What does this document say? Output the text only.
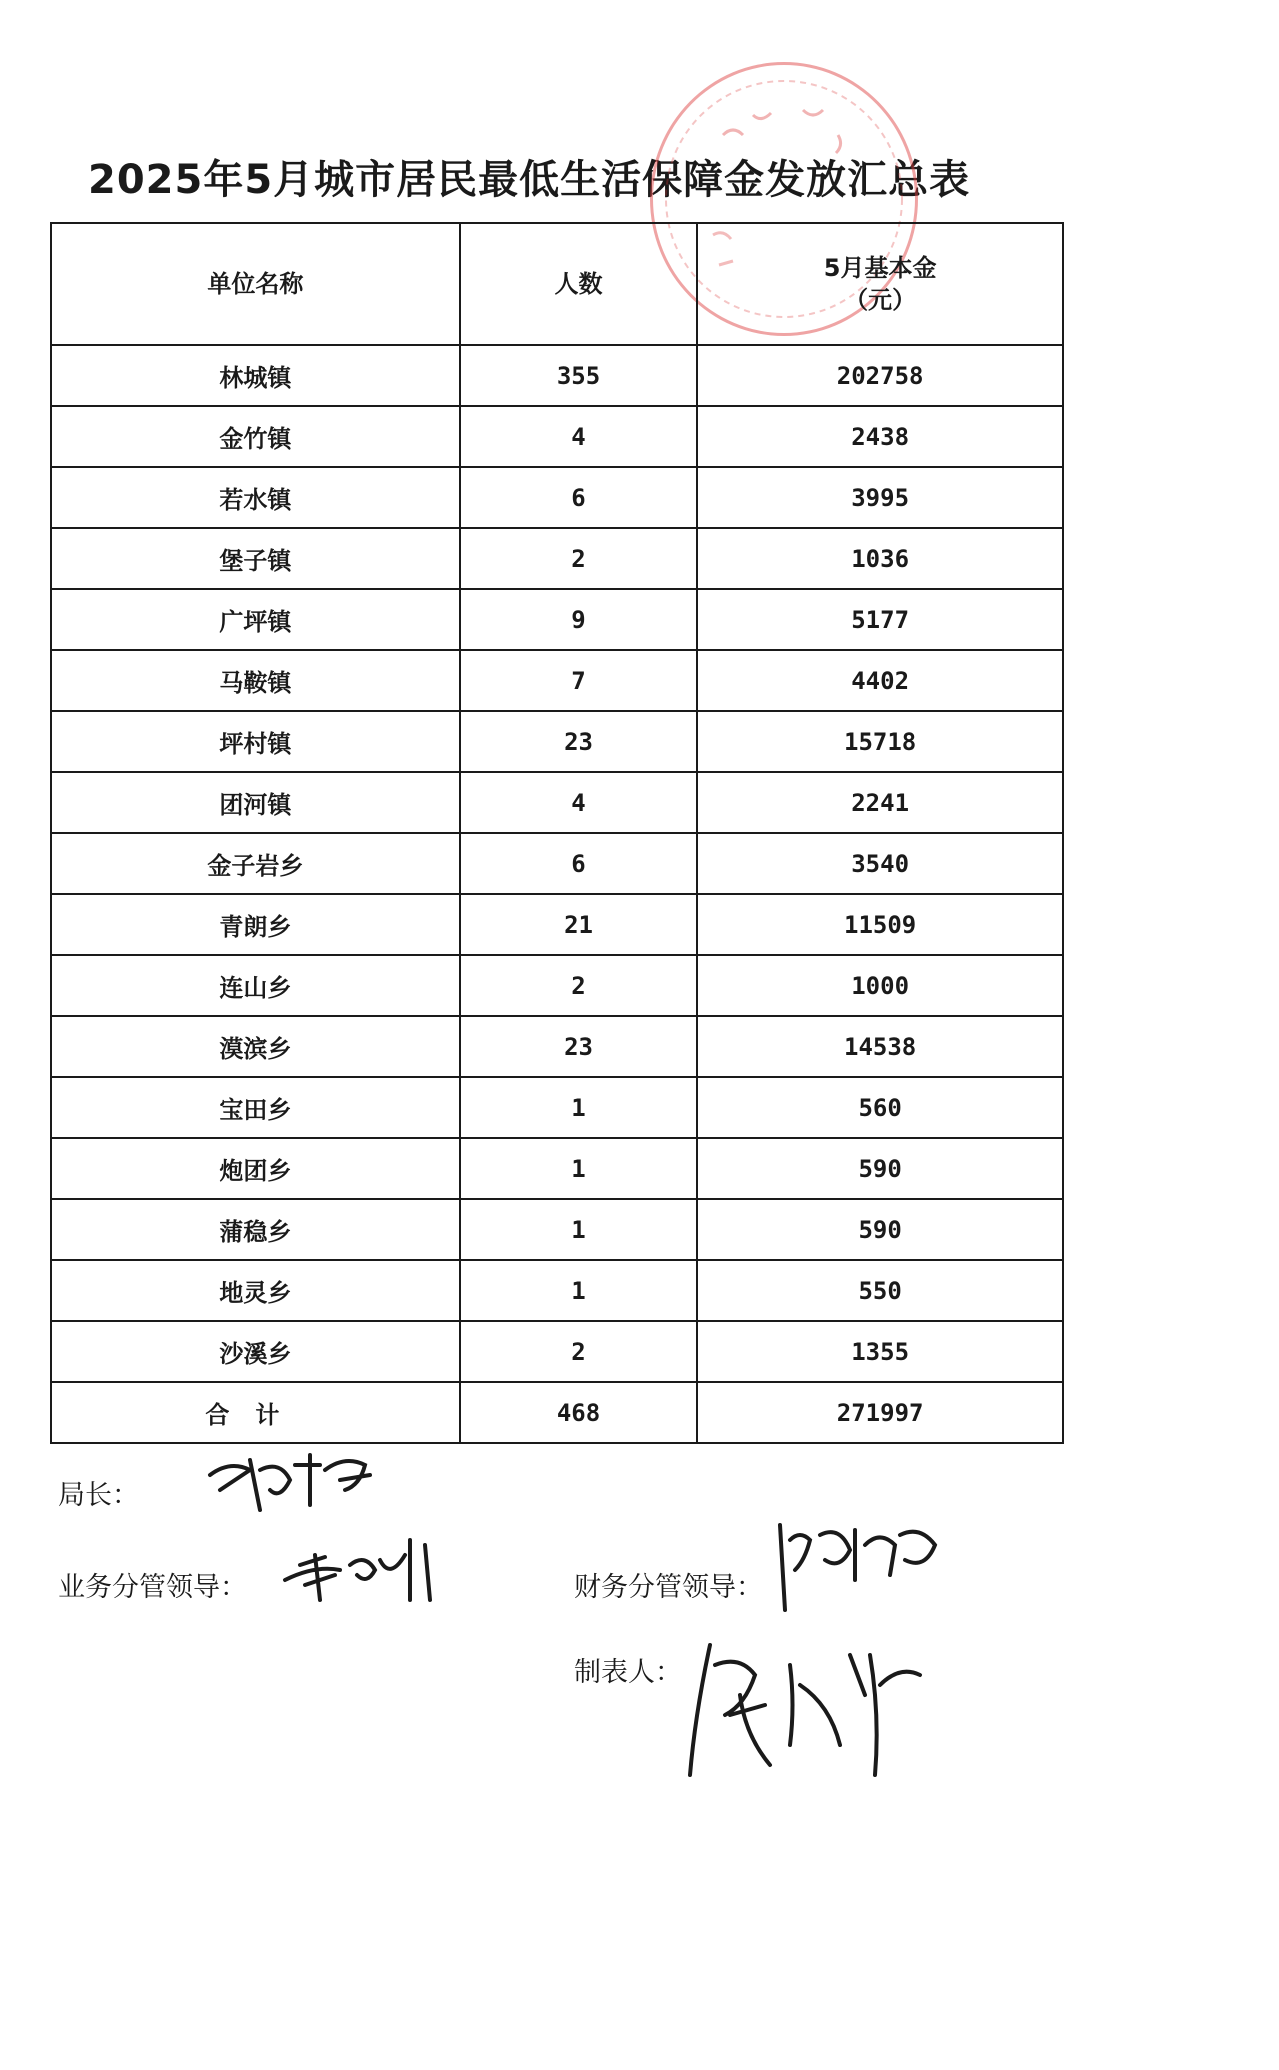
2025年5月城市居民最低生活保障金发放汇总表
单位名称	人数	5月基本金
（元）
林城镇	355	202758
金竹镇	4	2438
若水镇	6	3995
堡子镇	2	1036
广坪镇	9	5177
马鞍镇	7	4402
坪村镇	23	15718
团河镇	4	2241
金子岩乡	6	3540
青朗乡	21	11509
连山乡	2	1000
漠滨乡	23	14538
宝田乡	1	560
炮团乡	1	590
蒲稳乡	1	590
地灵乡	1	550
沙溪乡	2	1355
合计	468	271997
局长：
业务分管领导：	财务分管领导：
制表人：
